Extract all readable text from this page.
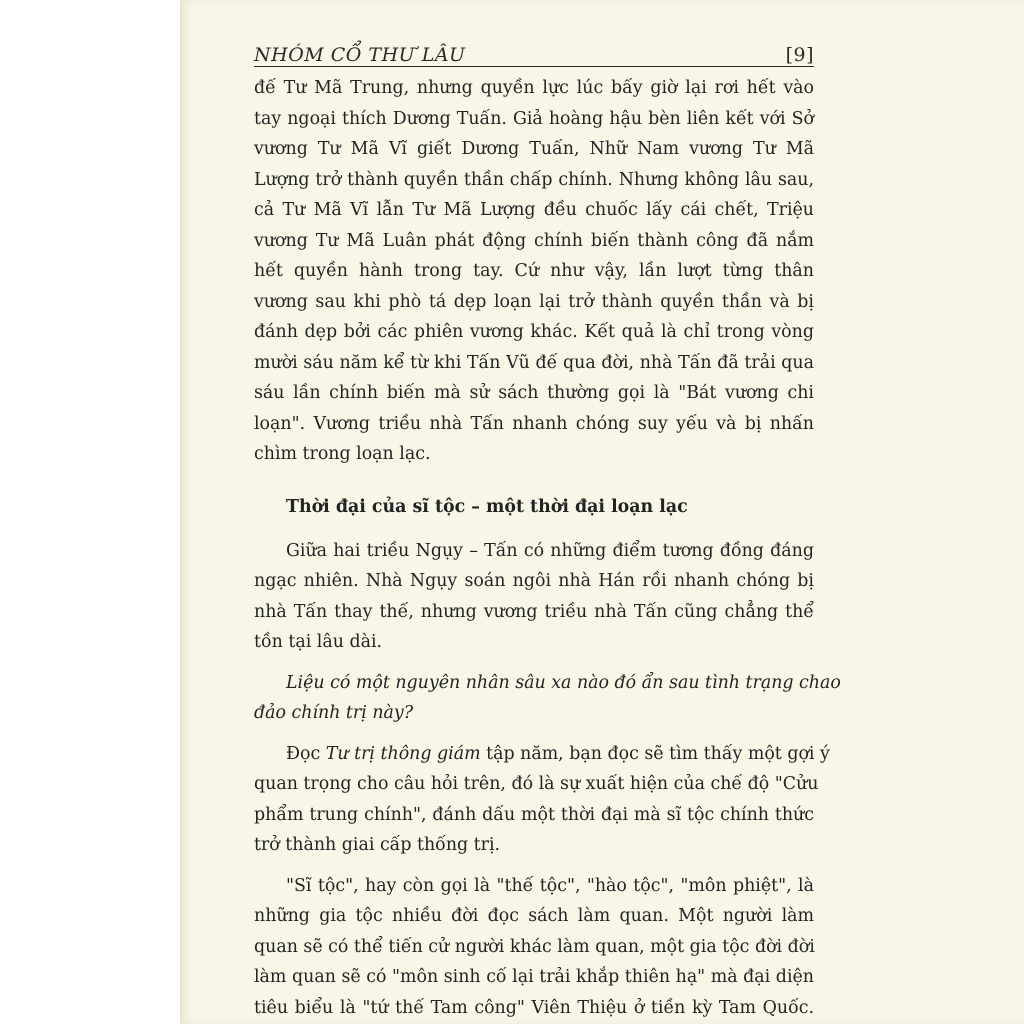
NHÓM CỔ THƯ LÂU	[9]
đế Tư Mã Trung, nhưng quyền lực lúc bấy giờ lại rơi hết vào
tay ngoại thích Dương Tuấn. Giả hoàng hậu bèn liên kết với Sở
vương Tư Mã Vĩ giết Dương Tuấn, Nhữ Nam vương Tư Mã
Lượng trở thành quyền thần chấp chính. Nhưng không lâu sau,
cả Tư Mã Vĩ lẫn Tư Mã Lượng đều chuốc lấy cái chết, Triệu
vương Tư Mã Luân phát động chính biến thành công đã nắm
hết quyền hành trong tay. Cứ như vậy, lần lượt từng thân
vương sau khi phò tá dẹp loạn lại trở thành quyền thần và bị
đánh dẹp bởi các phiên vương khác. Kết quả là chỉ trong vòng
mười sáu năm kể từ khi Tấn Vũ đế qua đời, nhà Tấn đã trải qua
sáu lần chính biến mà sử sách thường gọi là "Bát vương chi
loạn". Vương triều nhà Tấn nhanh chóng suy yếu và bị nhấn
chìm trong loạn lạc.
Thời đại của sĩ tộc – một thời đại loạn lạc
Giữa hai triều Ngụy – Tấn có những điểm tương đồng đáng
ngạc nhiên. Nhà Ngụy soán ngôi nhà Hán rồi nhanh chóng bị
nhà Tấn thay thế, nhưng vương triều nhà Tấn cũng chẳng thể
tồn tại lâu dài.
Liệu có một nguyên nhân sâu xa nào đó ẩn sau tình trạng chao
đảo chính trị này?
Đọc Tư trị thông giám tập năm, bạn đọc sẽ tìm thấy một gợi ý
quan trọng cho câu hỏi trên, đó là sự xuất hiện của chế độ "Cửu
phẩm trung chính", đánh dấu một thời đại mà sĩ tộc chính thức
trở thành giai cấp thống trị.
"Sĩ tộc", hay còn gọi là "thế tộc", "hào tộc", "môn phiệt", là
những gia tộc nhiều đời đọc sách làm quan. Một người làm
quan sẽ có thể tiến cử người khác làm quan, một gia tộc đời đời
làm quan sẽ có "môn sinh cố lại trải khắp thiên hạ" mà đại diện
tiêu biểu là "tứ thế Tam công" Viên Thiệu ở tiền kỳ Tam Quốc.
